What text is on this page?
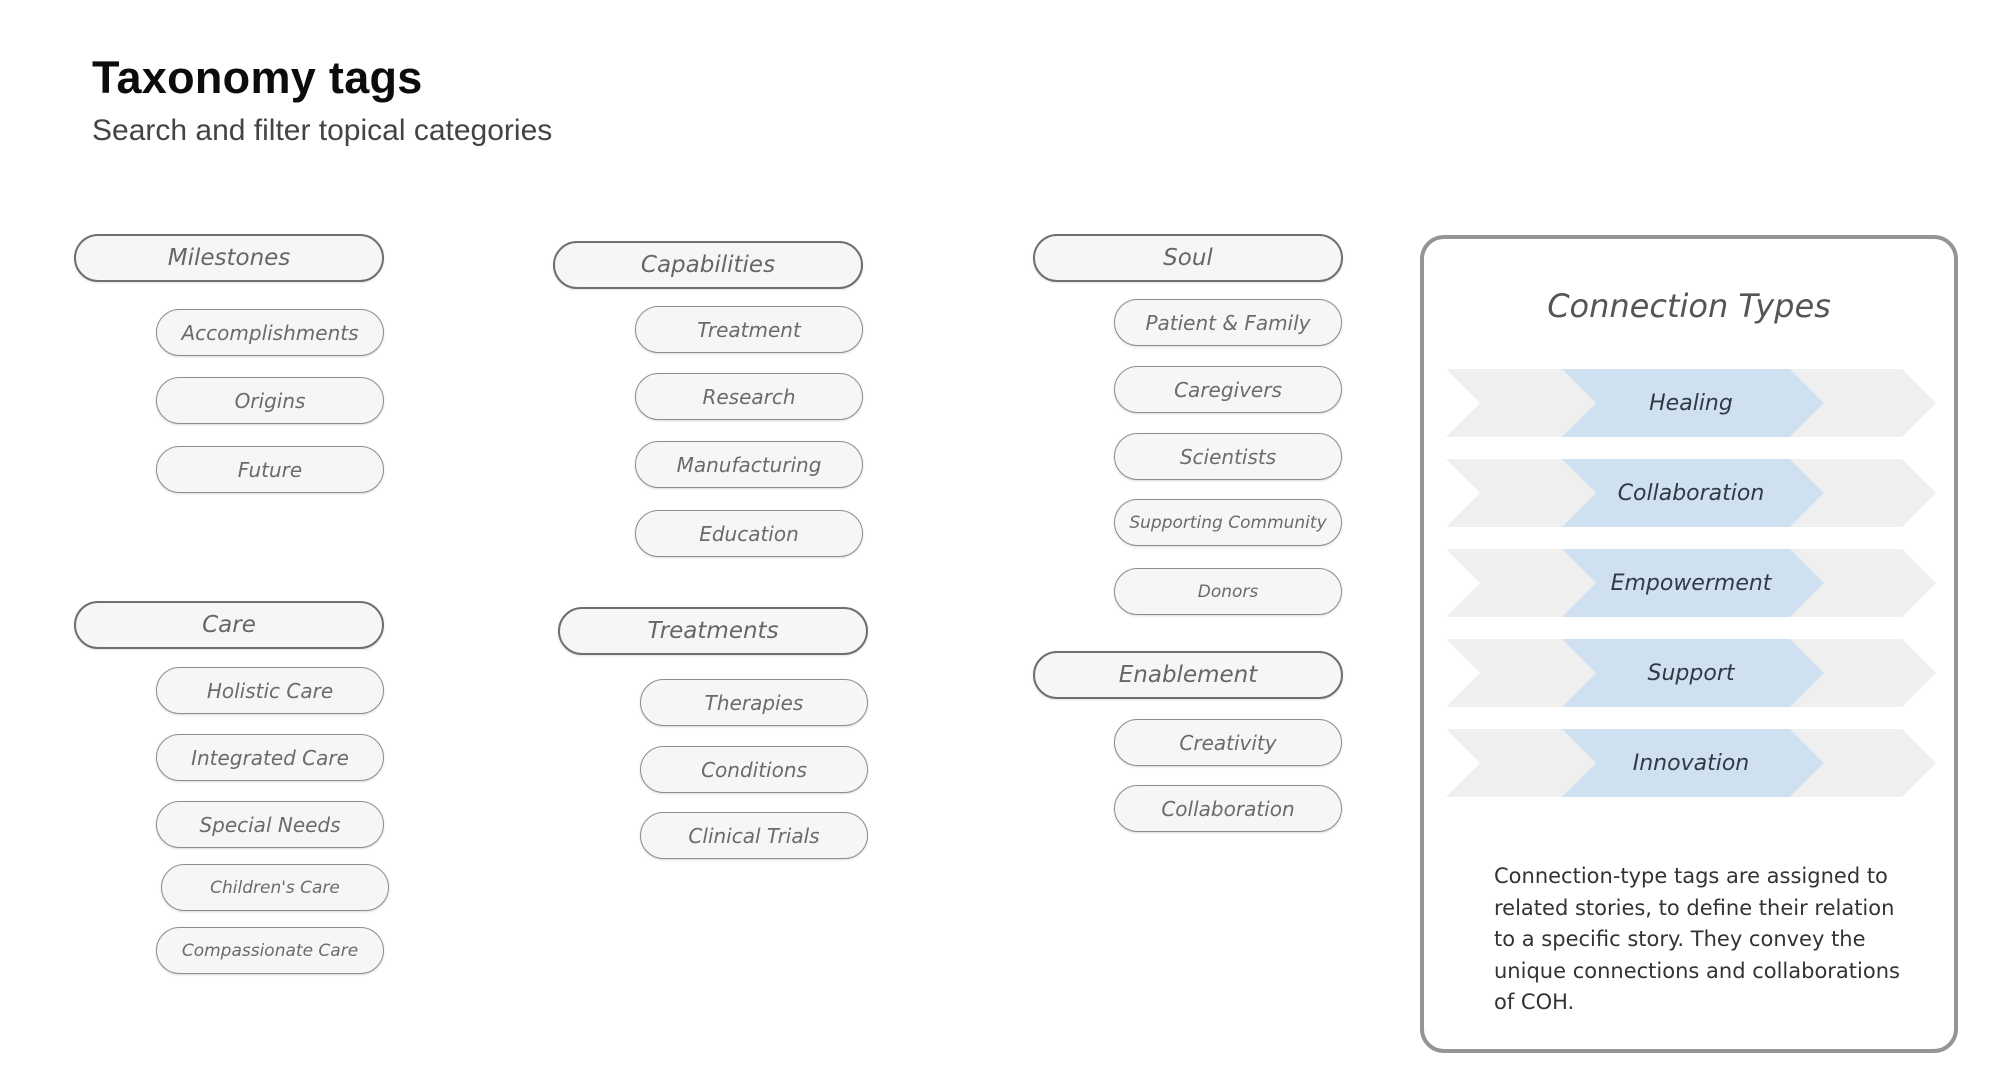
Taxonomy tags

Search and filter topical categories

Milestones
Accomplishments
Origins
Future
Care
Holistic Care
Integrated Care
Special Needs
Children's Care
Compassionate Care
Capabilities
Treatment
Research
Manufacturing
Education
Treatments
Therapies
Conditions
Clinical Trials
Soul
Patient & Family
Caregivers
Scientists
Supporting Community
Donors
Enablement
Creativity
Collaboration
Connection Types
Healing
Collaboration
Empowerment
Support
Innovation

Connection-type tags are assigned to related stories, to define their relation to a specific story. They convey the unique connections and collaborations of COH.
